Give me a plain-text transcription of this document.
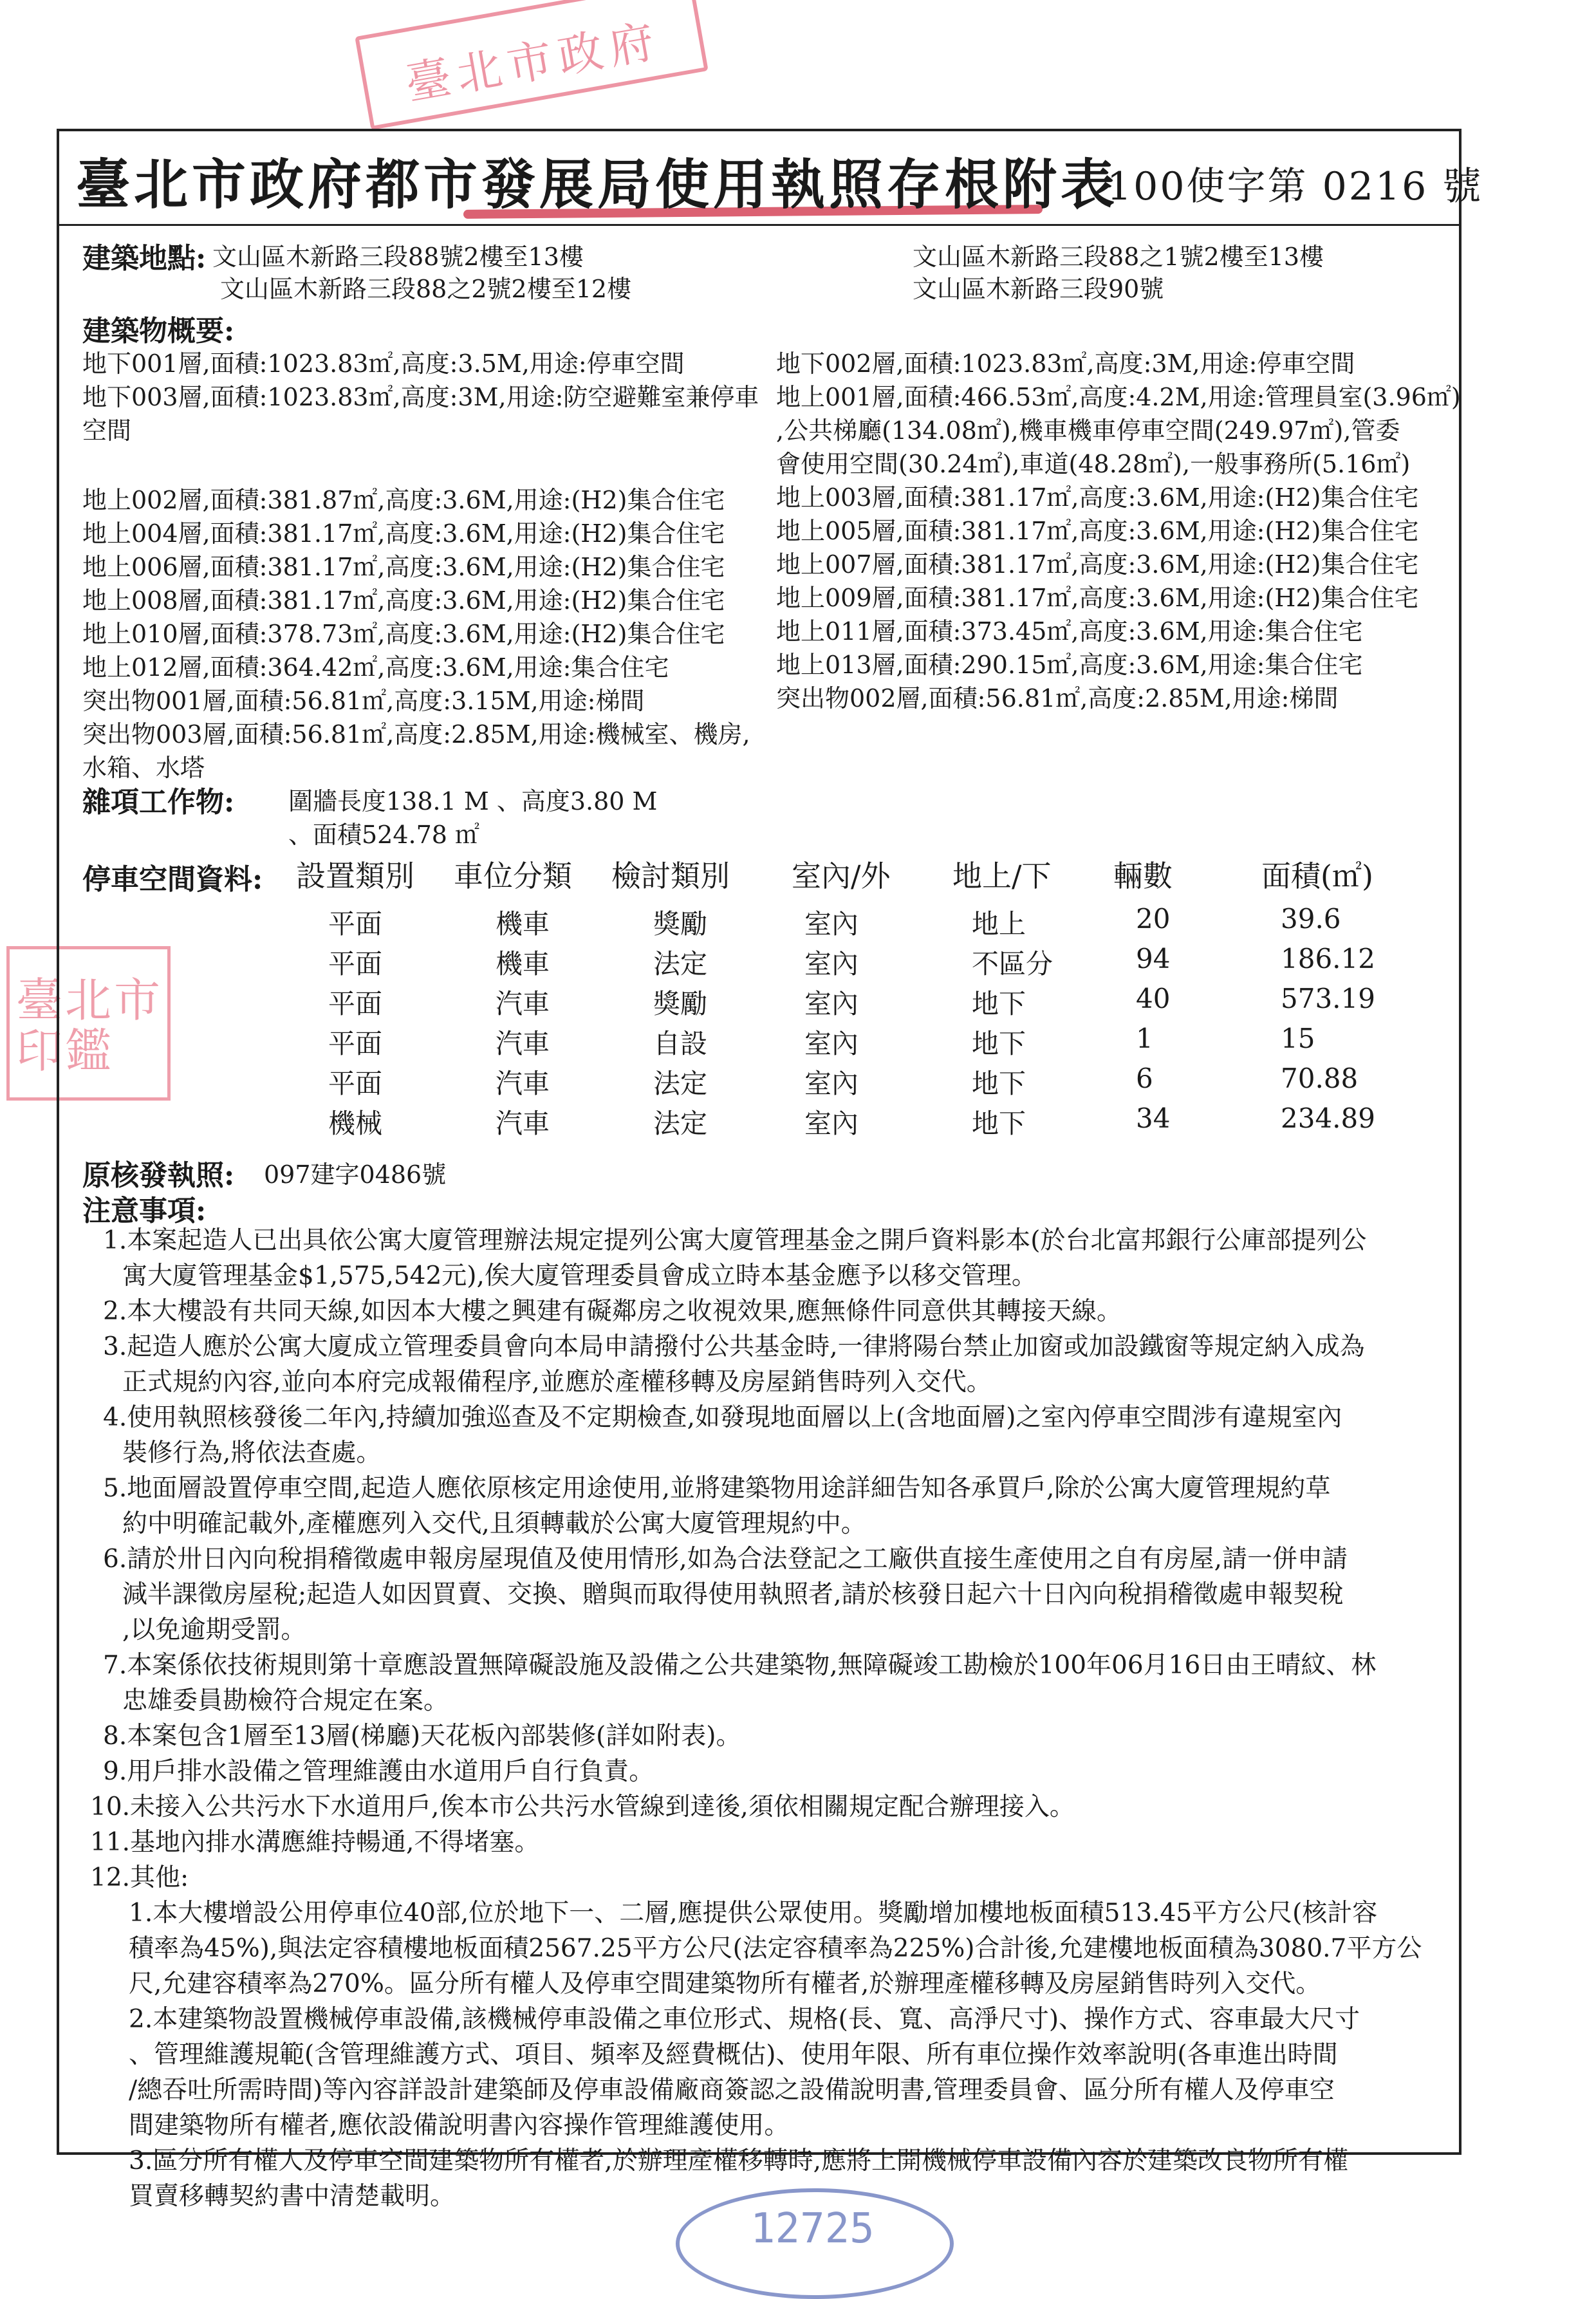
臺北市政府
臺北市
印鑑
12725
臺北市政府都市發展局使用執照存根附表
100使字第 0216 號
建築地點: 文山區木新路三段88號2樓至13樓
文山區木新路三段88之2號2樓至12樓
文山區木新路三段88之1號2樓至13樓
文山區木新路三段90號
建築物概要:
地下001層,面積:1023.83㎡,高度:3.5M,用途:停車空間
地下003層,面積:1023.83㎡,高度:3M,用途:防空避難室兼停車
空間
地上002層,面積:381.87㎡,高度:3.6M,用途:(H2)集合住宅
地上004層,面積:381.17㎡,高度:3.6M,用途:(H2)集合住宅
地上006層,面積:381.17㎡,高度:3.6M,用途:(H2)集合住宅
地上008層,面積:381.17㎡,高度:3.6M,用途:(H2)集合住宅
地上010層,面積:378.73㎡,高度:3.6M,用途:(H2)集合住宅
地上012層,面積:364.42㎡,高度:3.6M,用途:集合住宅
突出物001層,面積:56.81㎡,高度:3.15M,用途:梯間
突出物003層,面積:56.81㎡,高度:2.85M,用途:機械室、機房,
水箱、水塔
地下002層,面積:1023.83㎡,高度:3M,用途:停車空間
地上001層,面積:466.53㎡,高度:4.2M,用途:管理員室(3.96㎡)
,公共梯廳(134.08㎡),機車機車停車空間(249.97㎡),管委
會使用空間(30.24㎡),車道(48.28㎡),一般事務所(5.16㎡)
地上003層,面積:381.17㎡,高度:3.6M,用途:(H2)集合住宅
地上005層,面積:381.17㎡,高度:3.6M,用途:(H2)集合住宅
地上007層,面積:381.17㎡,高度:3.6M,用途:(H2)集合住宅
地上009層,面積:381.17㎡,高度:3.6M,用途:(H2)集合住宅
地上011層,面積:373.45㎡,高度:3.6M,用途:集合住宅
地上013層,面積:290.15㎡,高度:3.6M,用途:集合住宅
突出物002層,面積:56.81㎡,高度:2.85M,用途:梯間
雜項工作物: 圍牆長度138.1 M 、高度3.80 M
、面積524.78 ㎡
停車空間資料: 設置類別 車位分類 檢討類別 室內/外 地上/下 輛數	面積(㎡)
平面	機車	獎勵	室內	地上	20	39.6
平面	機車	法定	室內	不區分	94	186.12
平面	汽車	獎勵	室內	地下	40	573.19
平面	汽車	自設	室內	地下	1	15
平面	汽車	法定	室內	地下	6	70.88
機械	汽車	法定	室內	地下	34	234.89
原核發執照: 097建字0486號
注意事項:
1.本案起造人已出具依公寓大廈管理辦法規定提列公寓大廈管理基金之開戶資料影本(於台北富邦銀行公庫部提列公
寓大廈管理基金$1,575,542元),俟大廈管理委員會成立時本基金應予以移交管理。
2.本大樓設有共同天線,如因本大樓之興建有礙鄰房之收視效果,應無條件同意供其轉接天線。
3.起造人應於公寓大廈成立管理委員會向本局申請撥付公共基金時,一律將陽台禁止加窗或加設鐵窗等規定納入成為
正式規約內容,並向本府完成報備程序,並應於產權移轉及房屋銷售時列入交代。
4.使用執照核發後二年內,持續加強巡查及不定期檢查,如發現地面層以上(含地面層)之室內停車空間涉有違規室內
裝修行為,將依法查處。
5.地面層設置停車空間,起造人應依原核定用途使用,並將建築物用途詳細告知各承買戶,除於公寓大廈管理規約草
約中明確記載外,產權應列入交代,且須轉載於公寓大廈管理規約中。
6.請於卅日內向稅捐稽徵處申報房屋現值及使用情形,如為合法登記之工廠供直接生產使用之自有房屋,請一併申請
減半課徵房屋稅;起造人如因買賣、交換、贈與而取得使用執照者,請於核發日起六十日內向稅捐稽徵處申報契稅
,以免逾期受罰。
7.本案係依技術規則第十章應設置無障礙設施及設備之公共建築物,無障礙竣工勘檢於100年06月16日由王晴紋、林
忠雄委員勘檢符合規定在案。
8.本案包含1層至13層(梯廳)天花板內部裝修(詳如附表)。
9.用戶排水設備之管理維護由水道用戶自行負責。
10.未接入公共污水下水道用戶,俟本市公共污水管線到達後,須依相關規定配合辦理接入。
11.基地內排水溝應維持暢通,不得堵塞。
12.其他:
1.本大樓增設公用停車位40部,位於地下一、二層,應提供公眾使用。獎勵增加樓地板面積513.45平方公尺(核計容
積率為45%),與法定容積樓地板面積2567.25平方公尺(法定容積率為225%)合計後,允建樓地板面積為3080.7平方公
尺,允建容積率為270%。區分所有權人及停車空間建築物所有權者,於辦理產權移轉及房屋銷售時列入交代。
2.本建築物設置機械停車設備,該機械停車設備之車位形式、規格(長、寬、高淨尺寸)、操作方式、容車最大尺寸
、管理維護規範(含管理維護方式、項目、頻率及經費概估)、使用年限、所有車位操作效率說明(各車進出時間
/總吞吐所需時間)等內容詳設計建築師及停車設備廠商簽認之設備說明書,管理委員會、區分所有權人及停車空
間建築物所有權者,應依設備說明書內容操作管理維護使用。
3.區分所有權人及停車空間建築物所有權者,於辦理產權移轉時,應將上開機械停車設備內容於建築改良物所有權
買賣移轉契約書中清楚載明。
